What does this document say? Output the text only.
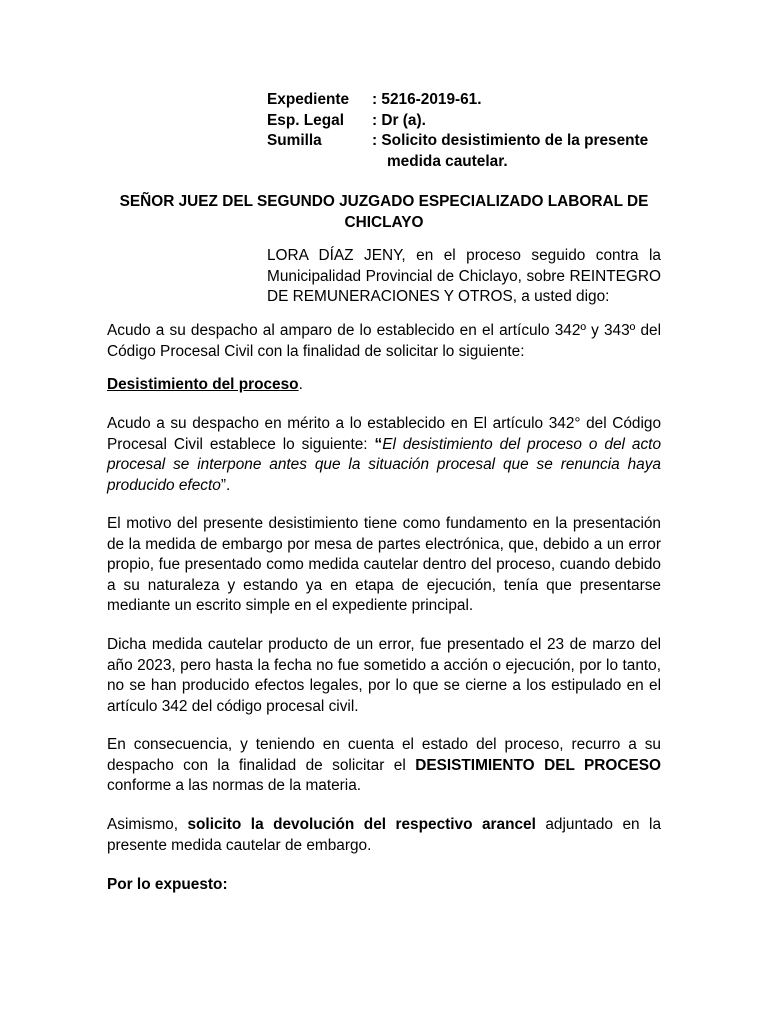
Expediente	: 5216-2019-61.
Esp. Legal	: Dr (a).
Sumilla	: Solicito desistimiento de la presente
medida cautelar.
SEÑOR JUEZ DEL SEGUNDO JUZGADO ESPECIALIZADO LABORAL DE CHICLAYO
LORA DÍAZ JENY, en el proceso seguido contra la Municipalidad Provincial de Chiclayo, sobre REINTEGRO DE REMUNERACIONES Y OTROS, a usted digo:

Acudo a su despacho al amparo de lo establecido en el artículo 342º y 343º del Código Procesal Civil con la finalidad de solicitar lo siguiente:

Desistimiento del proceso.

Acudo a su despacho en mérito a lo establecido en El artículo 342° del Código Procesal Civil establece lo siguiente: “El desistimiento del proceso o del acto procesal se interpone antes que la situación procesal que se renuncia haya producido efecto”.

El motivo del presente desistimiento tiene como fundamento en la presentación de la medida de embargo por mesa de partes electrónica, que, debido a un error propio, fue presentado como medida cautelar dentro del proceso, cuando debido a su naturaleza y estando ya en etapa de ejecución, tenía que presentarse mediante un escrito simple en el expediente principal.

Dicha medida cautelar producto de un error, fue presentado el 23 de marzo del año 2023, pero hasta la fecha no fue sometido a acción o ejecución, por lo tanto, no se han producido efectos legales, por lo que se cierne a los estipulado en el artículo 342 del código procesal civil.

En consecuencia, y teniendo en cuenta el estado del proceso, recurro a su despacho con la finalidad de solicitar el DESISTIMIENTO DEL PROCESO conforme a las normas de la materia.

Asimismo, solicito la devolución del respectivo arancel adjuntado en la presente medida cautelar de embargo.

Por lo expuesto:
